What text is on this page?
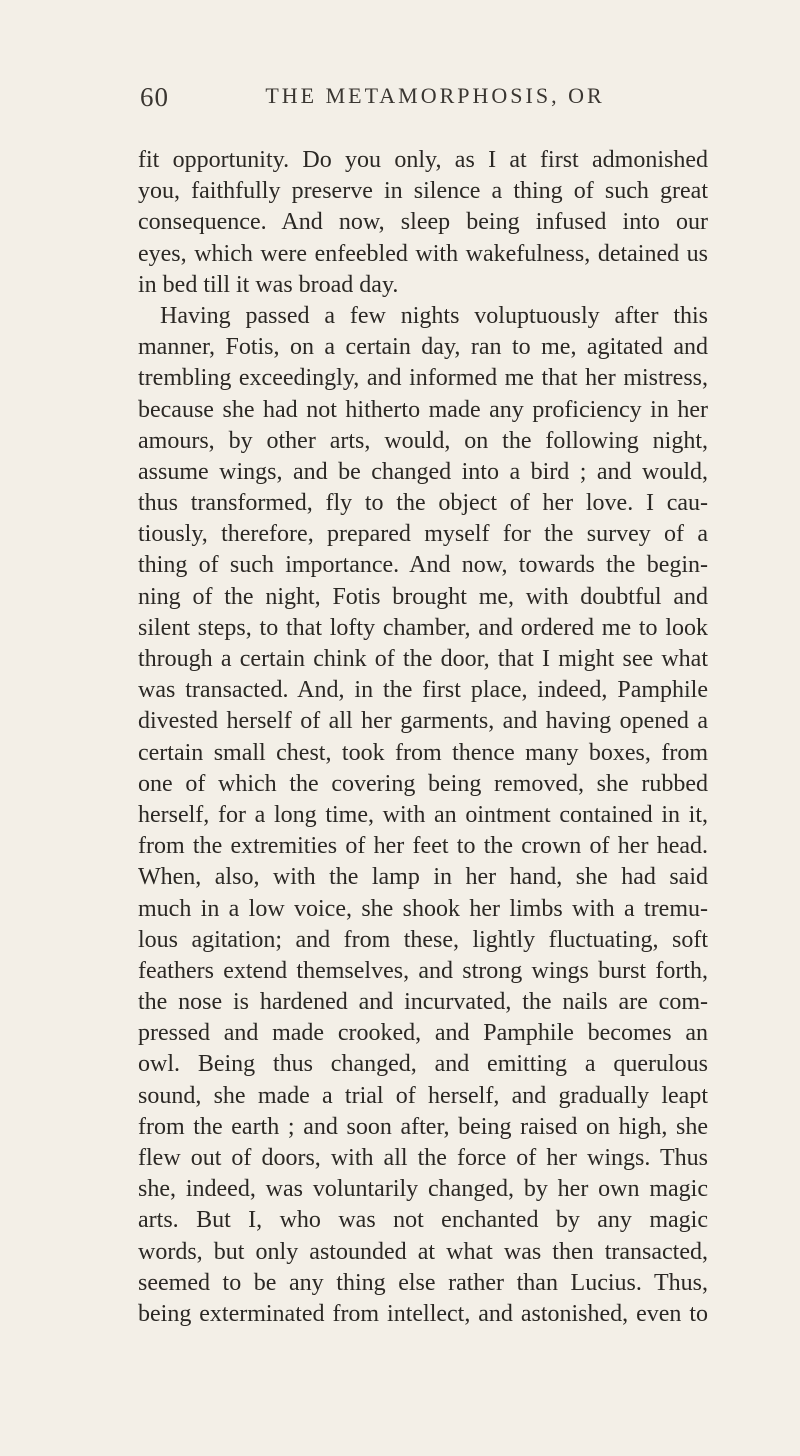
60	THE METAMORPHOSIS, OR
fit opportunity. Do you only, as I at first admonished
you, faithfully preserve in silence a thing of such great
consequence. And now, sleep being infused into our
eyes, which were enfeebled with wakefulness, detained us
in bed till it was broad day.
Having passed a few nights voluptuously after this
manner, Fotis, on a certain day, ran to me, agitated and
trembling exceedingly, and informed me that her mistress,
because she had not hitherto made any proficiency in her
amours, by other arts, would, on the following night,
assume wings, and be changed into a bird ; and would,
thus transformed, fly to the object of her love. I cau-
tiously, therefore, prepared myself for the survey of a
thing of such importance. And now, towards the begin-
ning of the night, Fotis brought me, with doubtful and
silent steps, to that lofty chamber, and ordered me to look
through a certain chink of the door, that I might see what
was transacted. And, in the first place, indeed, Pamphile
divested herself of all her garments, and having opened a
certain small chest, took from thence many boxes, from
one of which the covering being removed, she rubbed
herself, for a long time, with an ointment contained in it,
from the extremities of her feet to the crown of her head.
When, also, with the lamp in her hand, she had said
much in a low voice, she shook her limbs with a tremu-
lous agitation; and from these, lightly fluctuating, soft
feathers extend themselves, and strong wings burst forth,
the nose is hardened and incurvated, the nails are com-
pressed and made crooked, and Pamphile becomes an
owl. Being thus changed, and emitting a querulous
sound, she made a trial of herself, and gradually leapt
from the earth ; and soon after, being raised on high, she
flew out of doors, with all the force of her wings. Thus
she, indeed, was voluntarily changed, by her own magic
arts. But I, who was not enchanted by any magic
words, but only astounded at what was then transacted,
seemed to be any thing else rather than Lucius. Thus,
being exterminated from intellect, and astonished, even to
